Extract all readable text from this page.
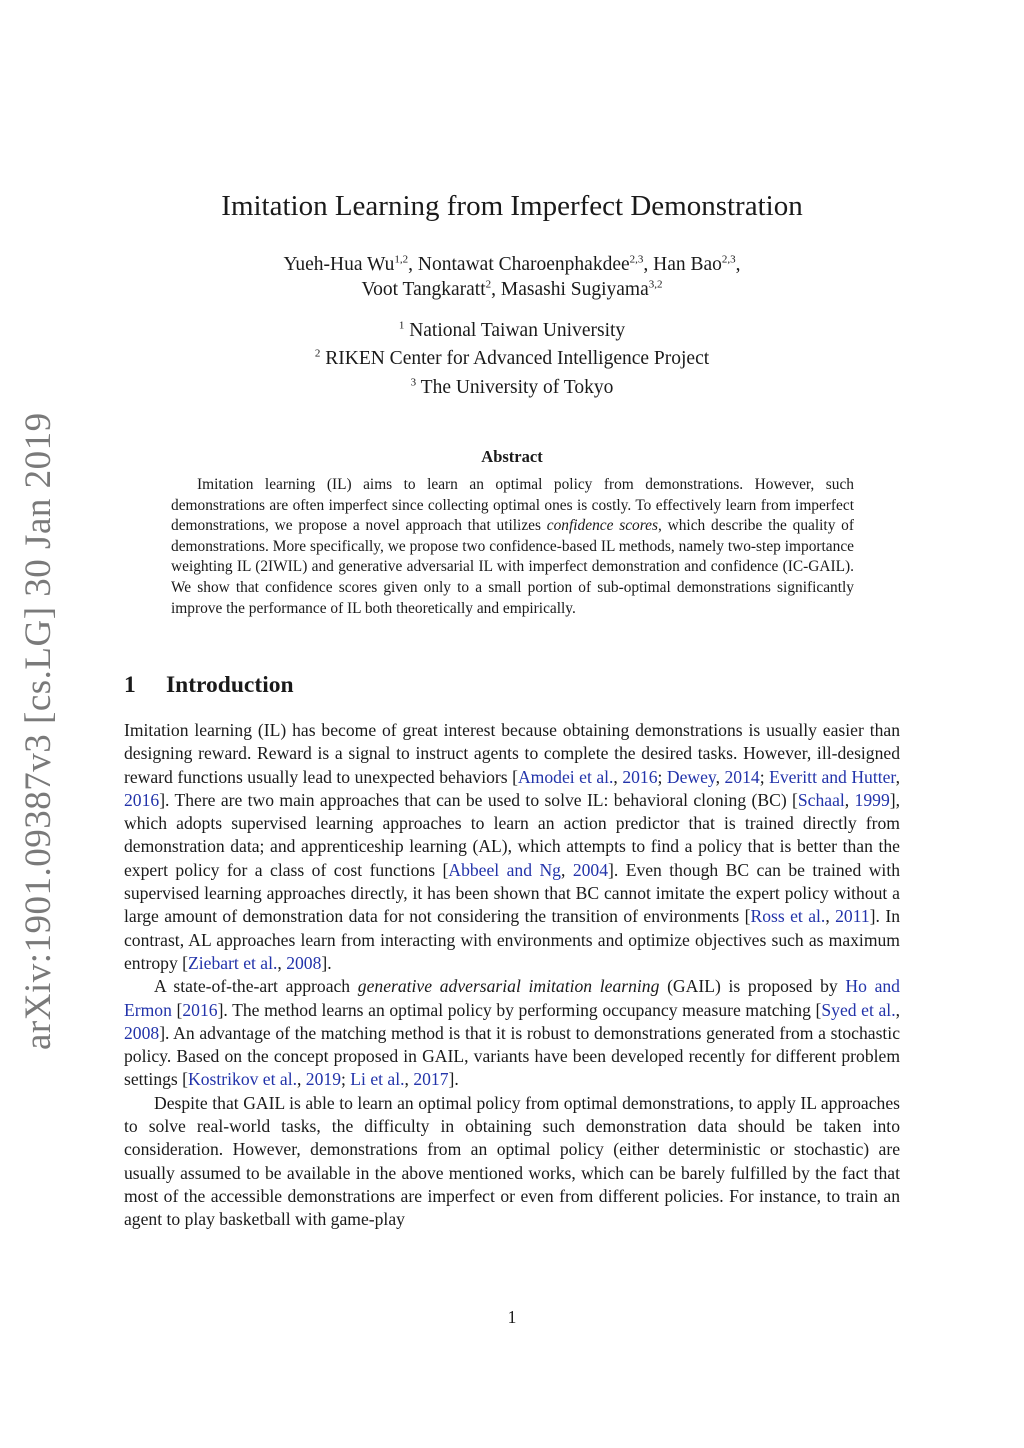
arXiv:1901.09387v3 [cs.LG] 30 Jan 2019
Imitation Learning from Imperfect Demonstration
Yueh-Hua Wu$^{1,2}$, Nontawat Charoenphakdee$^{2,3}$, Han Bao$^{2,3}$,
Voot Tangkaratt$^2$, Masashi Sugiyama$^{3,2}$
$^1$ National Taiwan University
$^2$ RIKEN Center for Advanced Intelligence Project
$^3$ The University of Tokyo
Abstract

Imitation learning (IL) aims to learn an optimal policy from demonstrations. However, such demonstrations are often imperfect since collecting optimal ones is costly. To effectively learn from imperfect demonstrations, we propose a novel approach that utilizes confidence scores, which describe the quality of demonstrations. More specifically, we propose two confidence-based IL methods, namely two-step importance weighting IL (2IWIL) and generative adversarial IL with imperfect demonstration and confidence (IC-GAIL). We show that confidence scores given only to a small portion of sub-optimal demonstrations significantly improve the performance of IL both theoretically and empirically.

1 Introduction

Imitation learning (IL) has become of great interest because obtaining demonstrations is usually easier than designing reward. Reward is a signal to instruct agents to complete the desired tasks. However, ill-designed reward functions usually lead to unexpected behaviors [Amodei et al., 2016; Dewey, 2014; Everitt and Hutter, 2016]. There are two main approaches that can be used to solve IL: behavioral cloning (BC) [Schaal, 1999], which adopts supervised learning approaches to learn an action predictor that is trained directly from demonstration data; and apprenticeship learning (AL), which attempts to find a policy that is better than the expert policy for a class of cost functions [Abbeel and Ng, 2004]. Even though BC can be trained with supervised learning approaches directly, it has been shown that BC cannot imitate the expert policy without a large amount of demonstration data for not considering the transition of environments [Ross et al., 2011]. In contrast, AL approaches learn from interacting with environments and optimize objectives such as maximum entropy [Ziebart et al., 2008].

A state-of-the-art approach generative adversarial imitation learning (GAIL) is proposed by Ho and Ermon [2016]. The method learns an optimal policy by performing occupancy measure matching [Syed et al., 2008]. An advantage of the matching method is that it is robust to demonstrations generated from a stochastic policy. Based on the concept proposed in GAIL, variants have been developed recently for different problem settings [Kostrikov et al., 2019; Li et al., 2017].

Despite that GAIL is able to learn an optimal policy from optimal demonstrations, to apply IL approaches to solve real-world tasks, the difficulty in obtaining such demonstration data should be taken into consideration. However, demonstrations from an optimal policy (either deterministic or stochastic) are usually assumed to be available in the above mentioned works, which can be barely fulfilled by the fact that most of the accessible demonstrations are imperfect or even from different policies. For instance, to train an agent to play basketball with game-play

1
